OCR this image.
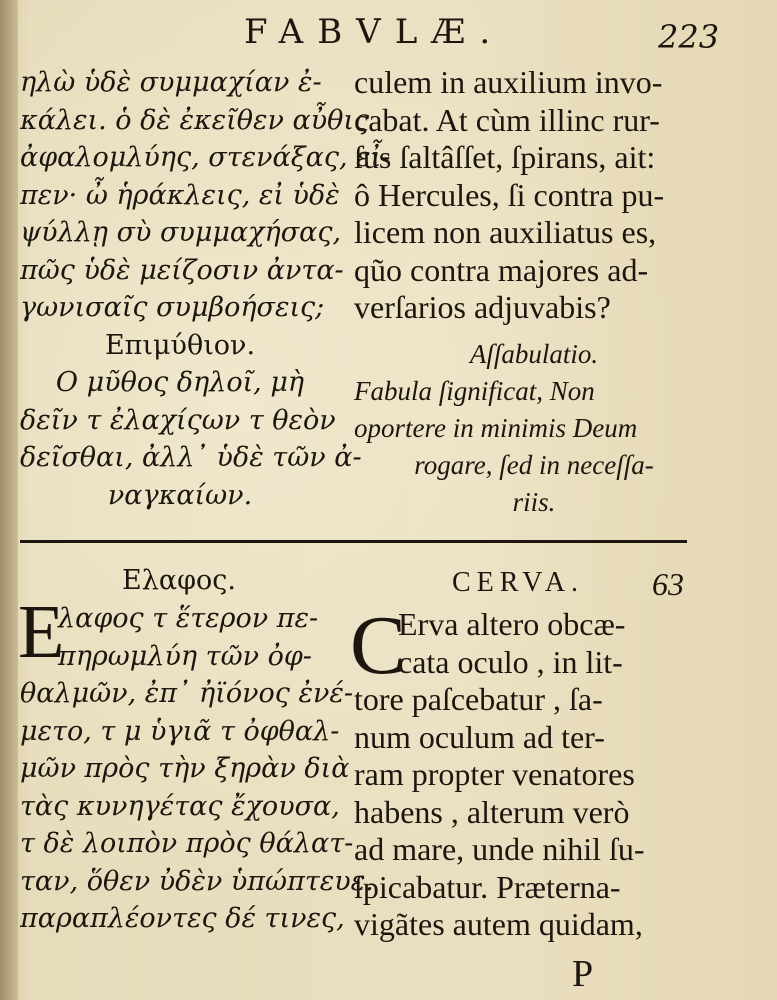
FABVLÆ.	223
ηλὼ ὑδὲ συμμαχίαν ἐ-
κάλει. ὁ δὲ ἐκεῖθεν αὖθις
ἀφαλομλύης, στενάξας, εἶ-
πεν· ὦ ἡράκλεις, εἰ ὑδὲ
ψύλλῃ σὺ συμμαχήσας,
πῶς ὑδὲ μείζοσιν ἀντα-
γωνισαῖς συμβοήσεις;
Επιμύθιον.
Ο μῦθος δηλοῖ, μὴ
δεῖν τ ἐλαχίςων τ θεὸν
δεῖσθαι, ἀλλ᾽ ὑδὲ τῶν ἀ-
ναγκαίων.
culem in auxilium invo-
cabat. At cùm illinc rur-
ſus ſaltâſſet, ſpirans, ait:
ô Hercules, ſi contra pu-
licem non auxiliatus es,
qũo contra majores ad-
verſarios adjuvabis?
Aſſabulatio.
Fabula ſignificat, Non
oportere in minimis Deum
rogare, ſed in neceſſa-
riis.
Ελαφος.	CERVA. 63
E
λαφος τ ἕτερον πε-
πηρωμλύη τῶν ὀφ-
θαλμῶν, ἐπ᾽ ἠϊόνος ἐνέ-
μετο, τ μ ὑγιᾶ τ ὀφθαλ-
μῶν πρὸς τὴν ξηρὰν διὰ
τὰς κυνηγέτας ἔχουσα,
τ δὲ λοιπὸν πρὸς θάλατ-
ταν, ὅθεν ὐδὲν ὑπώπτευε.
παραπλέοντες δέ τινες,
C
Erva altero obcæ-
cata oculo , in lit-
tore paſcebatur , ſa-
num oculum ad ter-
ram propter venatores
habens , alterum verò
ad mare, unde nihil ſu-
ſpicabatur. Præterna-
vigãtes autem quidam,
P
